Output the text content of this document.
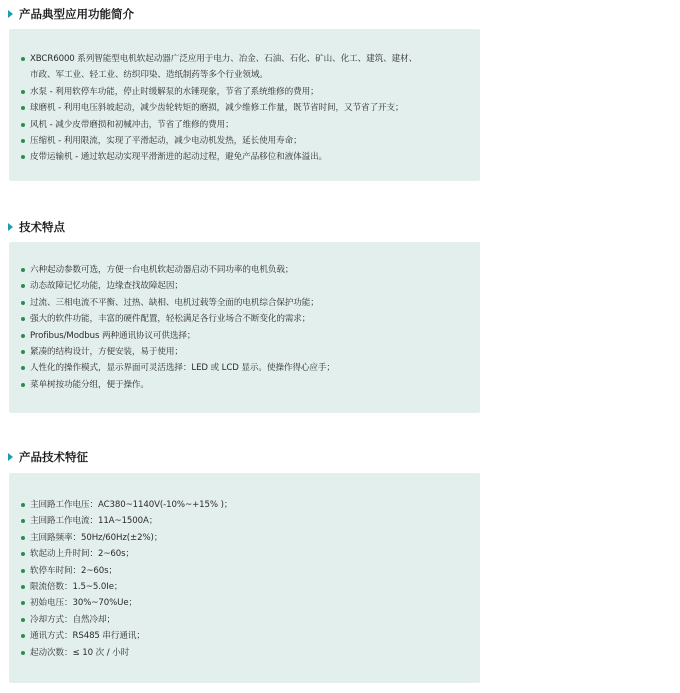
产品典型应用功能简介
XBCR6000 系列智能型电机软起动器广泛应用于电力、冶金、石油、石化、矿山、化工、建筑、建材、
市政、军工业、轻工业、纺织印染、造纸制药等多个行业领域。
水泵 - 利用软停车功能，停止时缓解泵的水锤现象，节省了系统维修的费用；
球磨机 - 利用电压斜坡起动，减少齿轮转矩的磨损，减少维修工作量，既节省时间，又节省了开支；
风机 - 减少皮带磨损和初械冲击，节省了维修的费用；
压缩机 - 利用限流，实现了平滑起动，减少电动机发热，延长使用寿命；
皮带运输机 - 通过软起动实现平滑渐进的起动过程，避免产品移位和液体溢出。
技术特点
六种起动参数可选，方便一台电机软起动器启动不同功率的电机负载；
动态故障记忆功能，边缘查找故障起因；
过流、三相电流不平衡、过热、缺相、电机过载等全面的电机综合保护功能；
强大的软件功能，丰富的硬件配置，轻松满足各行业场合不断变化的需求；
Profibus/Modbus 两种通讯协议可供选择；
紧凑的结构设计，方便安装，易于使用；
人性化的操作模式，显示界面可灵活选择：LED 或 LCD 显示。使操作得心应手；
菜单树按功能分组，便于操作。
产品技术特征
主回路工作电压：AC380~1140V(-10%~+15% )；
主回路工作电流：11A~1500A；
主回路频率：50Hz/60Hz(±2%)；
软起动上升时间：2~60s；
软停车时间：2~60s；
限流倍数：1.5~5.0Ie；
初始电压：30%~70%Ue；
冷却方式：自然冷却；
通讯方式：RS485 串行通讯；
起动次数：≤ 10 次 / 小时
